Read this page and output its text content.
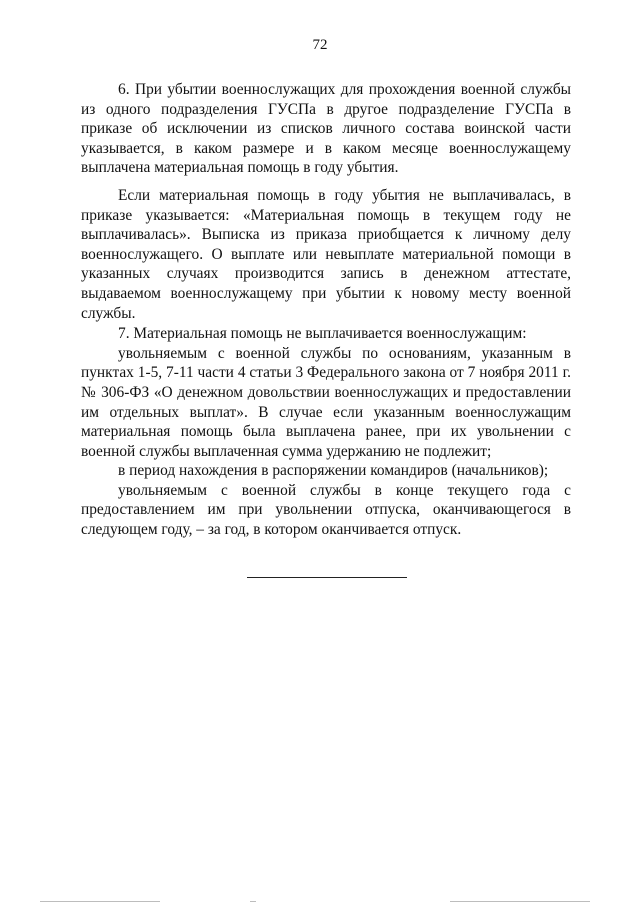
72

6. При убытии военнослужащих для прохождения военной службы из одного подразделения ГУСПа в другое подразделение ГУСПа в приказе об исключении из списков личного состава воинской части указывается, в каком размере и в каком месяце военнослужащему выплачена материальная помощь в году убытия.

Если материальная помощь в году убытия не выплачивалась, в приказе указывается: «Материальная помощь в текущем году не выплачивалась». Выписка из приказа приобщается к личному делу военнослужащего. О выплате или невыплате материальной помощи в указанных случаях производится запись в денежном аттестате, выдаваемом военнослужащему при убытии к новому месту военной службы.

7. Материальная помощь не выплачивается военнослужащим:

увольняемым с военной службы по основаниям, указанным в пунктах 1-5, 7-11 части 4 статьи 3 Федерального закона от 7 ноября 2011 г. № 306-ФЗ «О денежном довольствии военнослужащих и предоставлении им отдельных выплат». В случае если указанным военнослужащим материальная помощь была выплачена ранее, при их увольнении с военной службы выплаченная сумма удержанию не подлежит;

в период нахождения в распоряжении командиров (начальников);

увольняемым с военной службы в конце текущего года с предоставлением им при увольнении отпуска, оканчивающегося в следующем году, – за год, в котором оканчивается отпуск.
